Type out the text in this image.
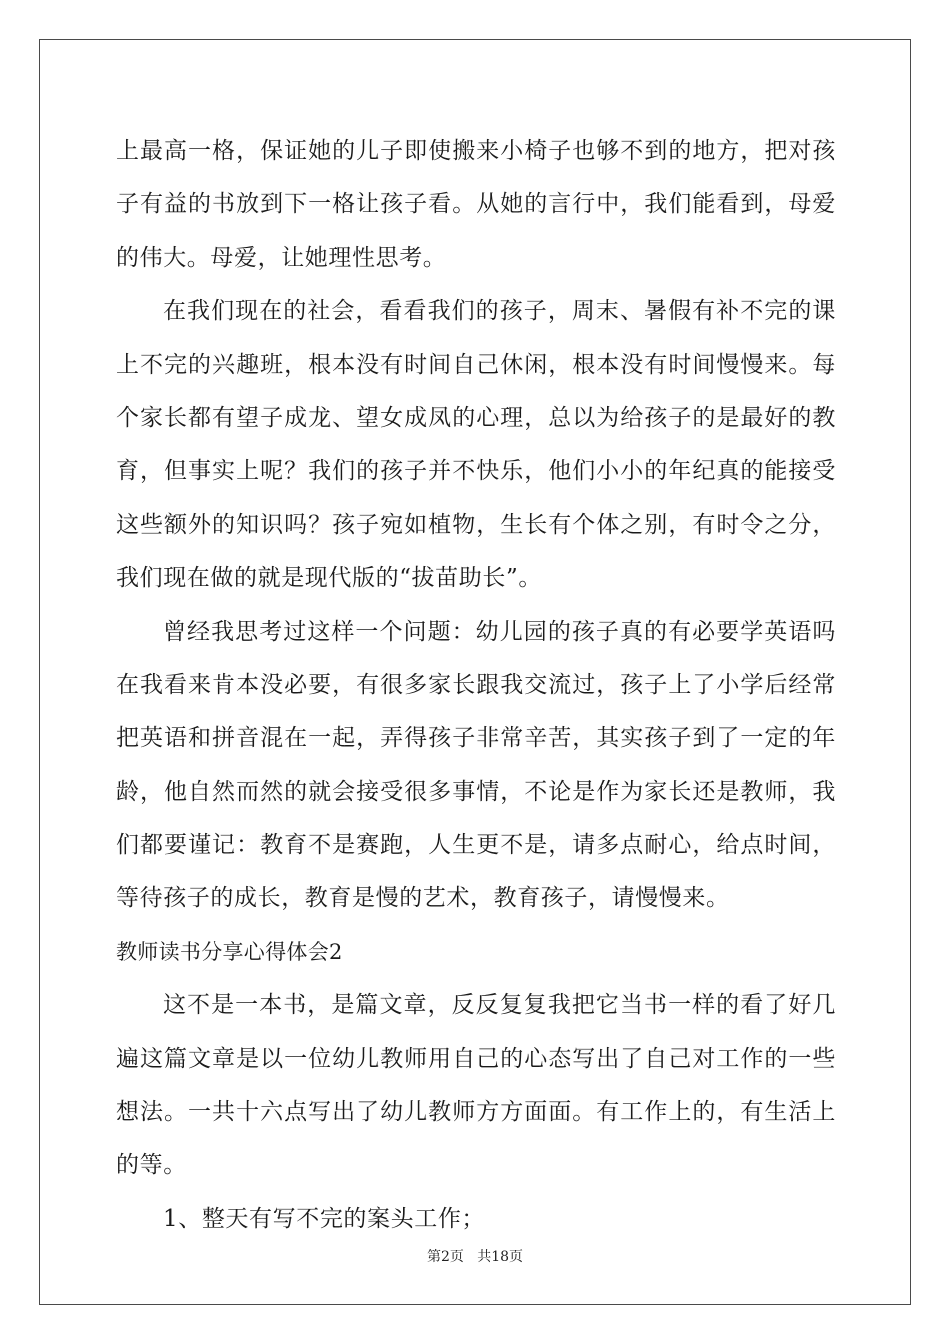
上最高一格，保证她的儿子即使搬来小椅子也够不到的地方，把对孩
子有益的书放到下一格让孩子看。从她的言行中，我们能看到，母爱
的伟大。母爱，让她理性思考。
在我们现在的社会，看看我们的孩子，周末、暑假有补不完的课
上不完的兴趣班，根本没有时间自己休闲，根本没有时间慢慢来。每
个家长都有望子成龙、望女成凤的心理，总以为给孩子的是最好的教
育，但事实上呢？我们的孩子并不快乐，他们小小的年纪真的能接受
这些额外的知识吗？孩子宛如植物，生长有个体之别，有时令之分，
我们现在做的就是现代版的“拔苗助长”。
曾经我思考过这样一个问题：幼儿园的孩子真的有必要学英语吗
在我看来肯本没必要，有很多家长跟我交流过，孩子上了小学后经常
把英语和拼音混在一起，弄得孩子非常辛苦，其实孩子到了一定的年
龄，他自然而然的就会接受很多事情，不论是作为家长还是教师，我
们都要谨记：教育不是赛跑，人生更不是，请多点耐心，给点时间，
等待孩子的成长，教育是慢的艺术，教育孩子，请慢慢来。
教师读书分享心得体会2
这不是一本书，是篇文章，反反复复我把它当书一样的看了好几
遍这篇文章是以一位幼儿教师用自己的心态写出了自己对工作的一些
想法。一共十六点写出了幼儿教师方方面面。有工作上的，有生活上
的等。
1、整天有写不完的案头工作；
第2页   共18页
